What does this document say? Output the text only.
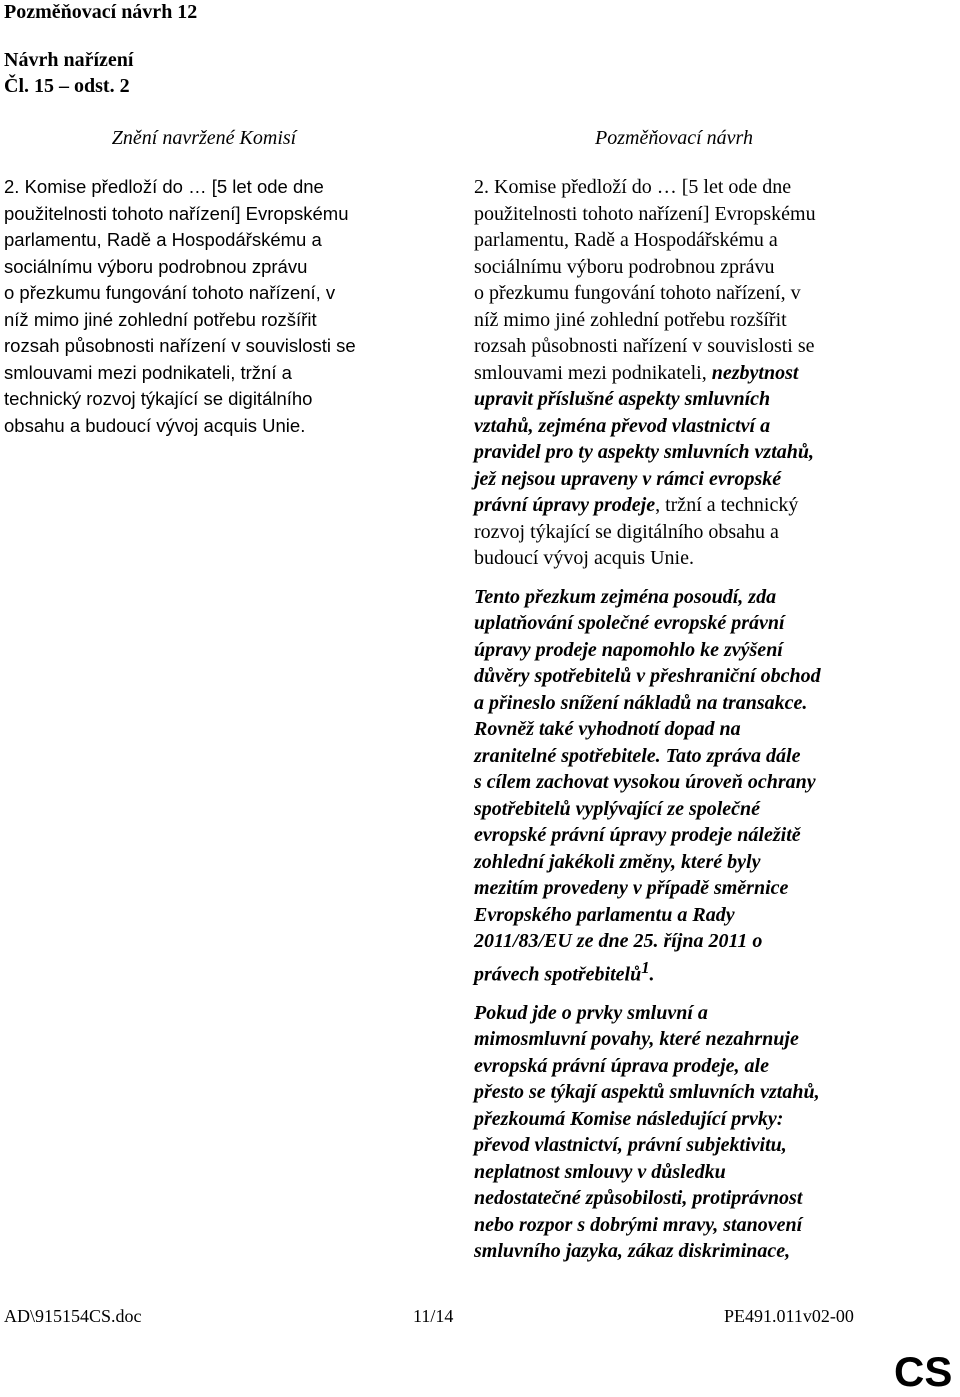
Pozměňovací návrh 12
Návrh nařízení
Čl. 15 – odst. 2
Znění navržené Komisí	Pozměňovací návrh

2. Komise předloží do … [5 let ode dne
použitelnosti tohoto nařízení] Evropskému
parlamentu, Radě a Hospodářskému a
sociálnímu výboru podrobnou zprávu
o přezkumu fungování tohoto nařízení, v
níž mimo jiné zohlední potřebu rozšířit
rozsah působnosti nařízení v souvislosti se
smlouvami mezi podnikateli, tržní a
technický rozvoj týkající se digitálního
obsahu a budoucí vývoj acquis Unie.

2. Komise předloží do … [5 let ode dne
použitelnosti tohoto nařízení] Evropskému
parlamentu, Radě a Hospodářskému a
sociálnímu výboru podrobnou zprávu
o přezkumu fungování tohoto nařízení, v
níž mimo jiné zohlední potřebu rozšířit
rozsah působnosti nařízení v souvislosti se
smlouvami mezi podnikateli, nezbytnost
upravit příslušné aspekty smluvních
vztahů, zejména převod vlastnictví a
pravidel pro ty aspekty smluvních vztahů,
jež nejsou upraveny v rámci evropské
právní úpravy prodeje, tržní a technický
rozvoj týkající se digitálního obsahu a
budoucí vývoj acquis Unie.

Tento přezkum zejména posoudí, zda
uplatňování společné evropské právní
úpravy prodeje napomohlo ke zvýšení
důvěry spotřebitelů v přeshraniční obchod
a přineslo snížení nákladů na transakce.
Rovněž také vyhodnotí dopad na
zranitelné spotřebitele. Tato zpráva dále
s cílem zachovat vysokou úroveň ochrany
spotřebitelů vyplývající ze společné
evropské právní úpravy prodeje náležitě
zohlední jakékoli změny, které byly
mezitím provedeny v případě směrnice
Evropského parlamentu a Rady
2011/83/EU ze dne 25. října 2011 o
právech spotřebitelů$^1$.

Pokud jde o prvky smluvní a
mimosmluvní povahy, které nezahrnuje
evropská právní úprava prodeje, ale
přesto se týkají aspektů smluvních vztahů,
přezkoumá Komise následující prvky:
převod vlastnictví, právní subjektivitu,
neplatnost smlouvy v důsledku
nedostatečné způsobilosti, protiprávnost
nebo rozpor s dobrými mravy, stanovení
smluvního jazyka, zákaz diskriminace,

AD\915154CS.doc	11/14	PE491.011v02-00
CS
